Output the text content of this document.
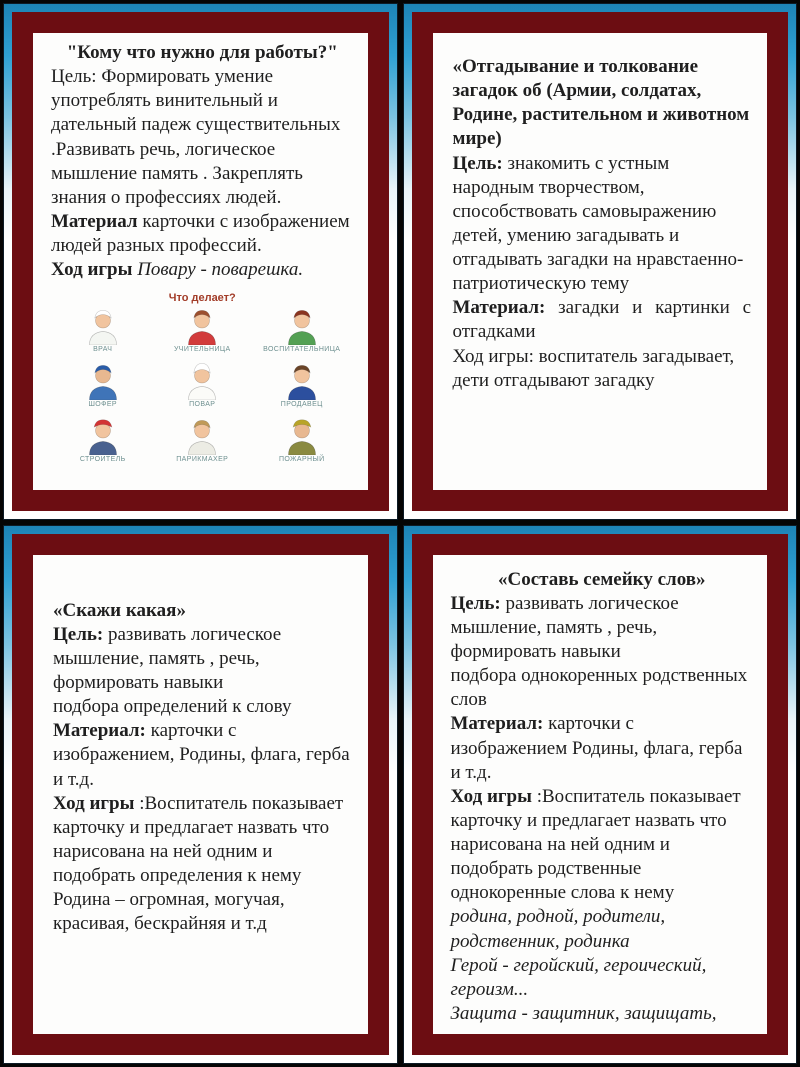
"Кому что нужно для работы?"

Цель: Формировать умение употреблять винительный и дательный падеж существительных .Развивать речь, логическое мышление память . Закреплять знания о профессиях людей.

Материал карточки с изображением людей разных профессий.

Ход игры Повару - поварешка.

Что делает?
ВРАЧ	УЧИТЕЛЬНИЦА	ВОСПИТАТЕЛЬНИЦА
ШОФЕР	ПОВАР	ПРОДАВЕЦ
СТРОИТЕЛЬ	ПАРИКМАХЕР	ПОЖАРНЫЙ

«Отгадывание и толкование загадок об (Армии, солдатах, Родине, растительном и животном мире)

Цель: знакомить с устным народным творчеством, способствовать самовыражению детей, умению загадывать и отгадывать загадки на нравстаенно-патриотическую тему

Материал: загадки и картинки с отгадками

Ход игры: воспитатель загадывает, дети отгадывают загадку

«Скажи какая»

Цель: развивать логическое мышление, память , речь, формировать навыки

подбора определений к слову

Материал: карточки с изображением, Родины, флага, герба и т.д.

Ход игры :Воспитатель показывает карточку и предлагает назвать что нарисована на ней одним и подобрать определения к нему

Родина – огромная, могучая, красивая, бескрайняя и т.д

«Составь семейку слов»

Цель: развивать логическое мышление, память , речь, формировать навыки

подбора однокоренных родственных слов

Материал: карточки с изображением Родины, флага, герба и т.д.

Ход игры :Воспитатель показывает карточку и предлагает назвать что нарисована на ней одним и подобрать родственные однокоренные слова к нему

родина, родной, родители, родственник, родинка

Герой - геройский, героический, героизм...

Защита - защитник, защищать,
